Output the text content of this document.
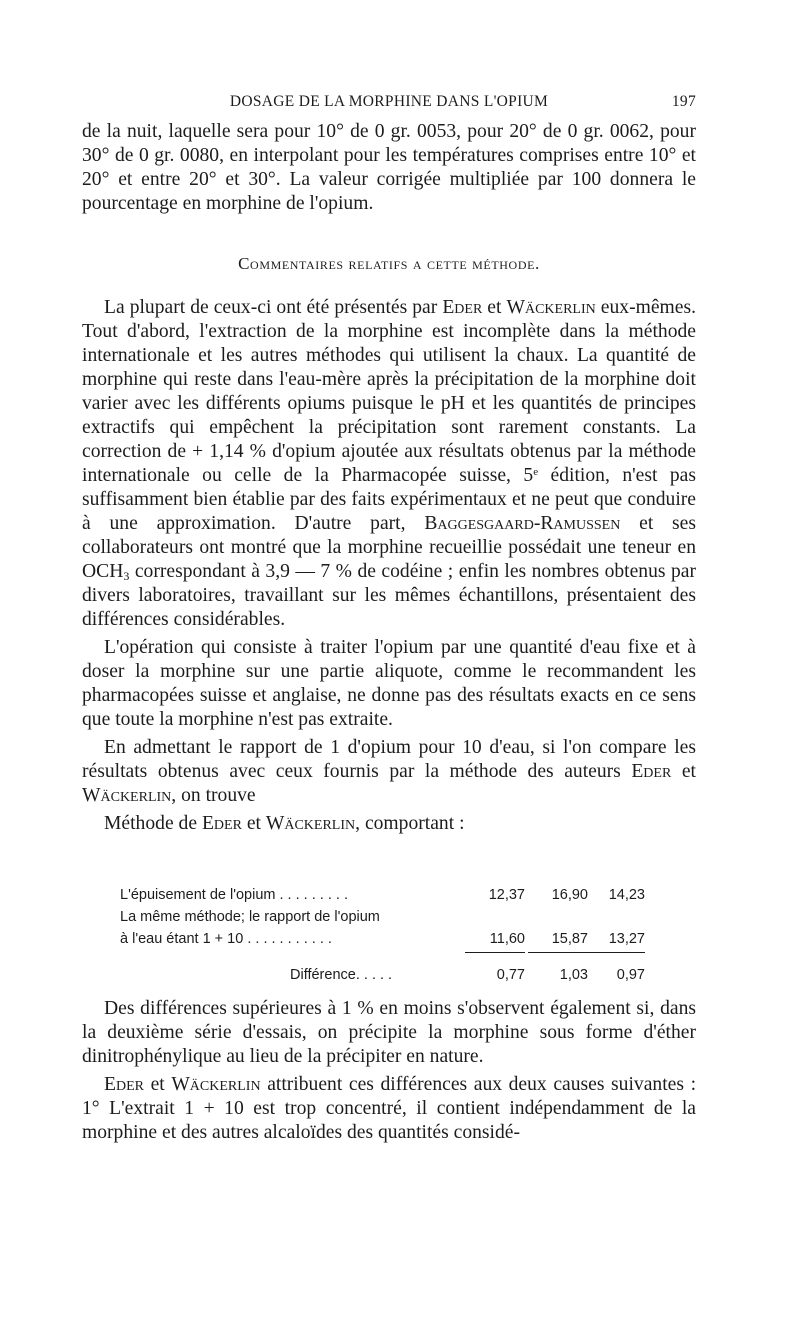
DOSAGE DE LA MORPHINE DANS L'OPIUM	197

de la nuit, laquelle sera pour 10° de 0 gr. 0053, pour 20° de 0 gr. 0062, pour 30° de 0 gr. 0080, en interpolant pour les températures comprises entre 10° et 20° et entre 20° et 30°. La valeur corrigée multipliée par 100 donnera le pourcentage en morphine de l'opium.

Commentaires relatifs a cette méthode.

La plupart de ceux-ci ont été présentés par Eder et Wäckerlin eux-mêmes. Tout d'abord, l'extraction de la morphine est incomplète dans la méthode internationale et les autres méthodes qui utilisent la chaux. La quantité de morphine qui reste dans l'eau-mère après la précipitation de la morphine doit varier avec les différents opiums puisque le pH et les quantités de principes extractifs qui empêchent la précipitation sont rarement constants. La correction de + 1,14 % d'opium ajoutée aux résultats obtenus par la méthode internationale ou celle de la Pharmacopée suisse, 5e édition, n'est pas suffisamment bien établie par des faits expérimentaux et ne peut que conduire à une approximation. D'autre part, Baggesgaard-Ramussen et ses collaborateurs ont montré que la morphine recueillie possédait une teneur en $OCH_3$ correspondant à 3,9 — 7 % de codéine ; enfin les nombres obtenus par divers laboratoires, travaillant sur les mêmes échantillons, présentaient des différences considérables.

L'opération qui consiste à traiter l'opium par une quantité d'eau fixe et à doser la morphine sur une partie aliquote, comme le recommandent les pharmacopées suisse et anglaise, ne donne pas des résultats exacts en ce sens que toute la morphine n'est pas extraite.

En admettant le rapport de 1 d'opium pour 10 d'eau, si l'on compare les résultats obtenus avec ceux fournis par la méthode des auteurs Eder et Wäckerlin, on trouve

Méthode de Eder et Wäckerlin, comportant :

L'épuisement de l'opium . . . . . . . . .	12,37	16,90	14,23
La même méthode; le rapport de l'opium
à l'eau étant 1 + 10 . . . . . . . . . . .	11,60	15,87	13,27
Différence. . . . .	0,77	1,03	0,97

Des différences supérieures à 1 % en moins s'observent également si, dans la deuxième série d'essais, on précipite la morphine sous forme d'éther dinitrophénylique au lieu de la précipiter en nature.

Eder et Wäckerlin attribuent ces différences aux deux causes suivantes : 1° L'extrait 1 + 10 est trop concentré, il contient indépendamment de la morphine et des autres alcaloïdes des quantités considé-
